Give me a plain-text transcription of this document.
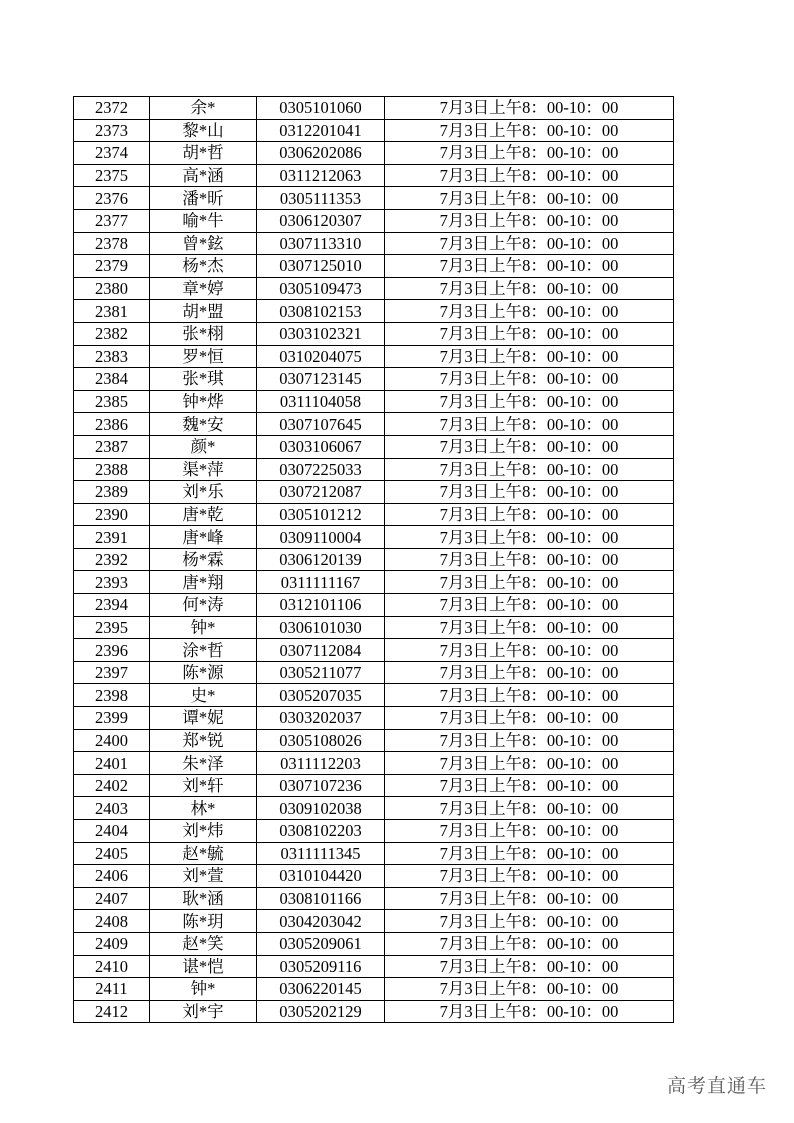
2372	余*	0305101060	7月3日上午8：00-10：00
2373	黎*山	0312201041	7月3日上午8：00-10：00
2374	胡*哲	0306202086	7月3日上午8：00-10：00
2375	高*涵	0311212063	7月3日上午8：00-10：00
2376	潘*昕	0305111353	7月3日上午8：00-10：00
2377	喻*牛	0306120307	7月3日上午8：00-10：00
2378	曾*鉉	0307113310	7月3日上午8：00-10：00
2379	杨*杰	0307125010	7月3日上午8：00-10：00
2380	章*婷	0305109473	7月3日上午8：00-10：00
2381	胡*盟	0308102153	7月3日上午8：00-10：00
2382	张*栩	0303102321	7月3日上午8：00-10：00
2383	罗*恒	0310204075	7月3日上午8：00-10：00
2384	张*琪	0307123145	7月3日上午8：00-10：00
2385	钟*烨	0311104058	7月3日上午8：00-10：00
2386	魏*安	0307107645	7月3日上午8：00-10：00
2387	颜*	0303106067	7月3日上午8：00-10：00
2388	渠*萍	0307225033	7月3日上午8：00-10：00
2389	刘*乐	0307212087	7月3日上午8：00-10：00
2390	唐*乾	0305101212	7月3日上午8：00-10：00
2391	唐*峰	0309110004	7月3日上午8：00-10：00
2392	杨*霖	0306120139	7月3日上午8：00-10：00
2393	唐*翔	0311111167	7月3日上午8：00-10：00
2394	何*涛	0312101106	7月3日上午8：00-10：00
2395	钟*	0306101030	7月3日上午8：00-10：00
2396	涂*哲	0307112084	7月3日上午8：00-10：00
2397	陈*源	0305211077	7月3日上午8：00-10：00
2398	史*	0305207035	7月3日上午8：00-10：00
2399	谭*妮	0303202037	7月3日上午8：00-10：00
2400	郑*锐	0305108026	7月3日上午8：00-10：00
2401	朱*泽	0311112203	7月3日上午8：00-10：00
2402	刘*轩	0307107236	7月3日上午8：00-10：00
2403	林*	0309102038	7月3日上午8：00-10：00
2404	刘*炜	0308102203	7月3日上午8：00-10：00
2405	赵*毓	0311111345	7月3日上午8：00-10：00
2406	刘*萱	0310104420	7月3日上午8：00-10：00
2407	耿*涵	0308101166	7月3日上午8：00-10：00
2408	陈*玥	0304203042	7月3日上午8：00-10：00
2409	赵*笑	0305209061	7月3日上午8：00-10：00
2410	谌*恺	0305209116	7月3日上午8：00-10：00
2411	钟*	0306220145	7月3日上午8：00-10：00
2412	刘*宇	0305202129	7月3日上午8：00-10：00
高考直通车
